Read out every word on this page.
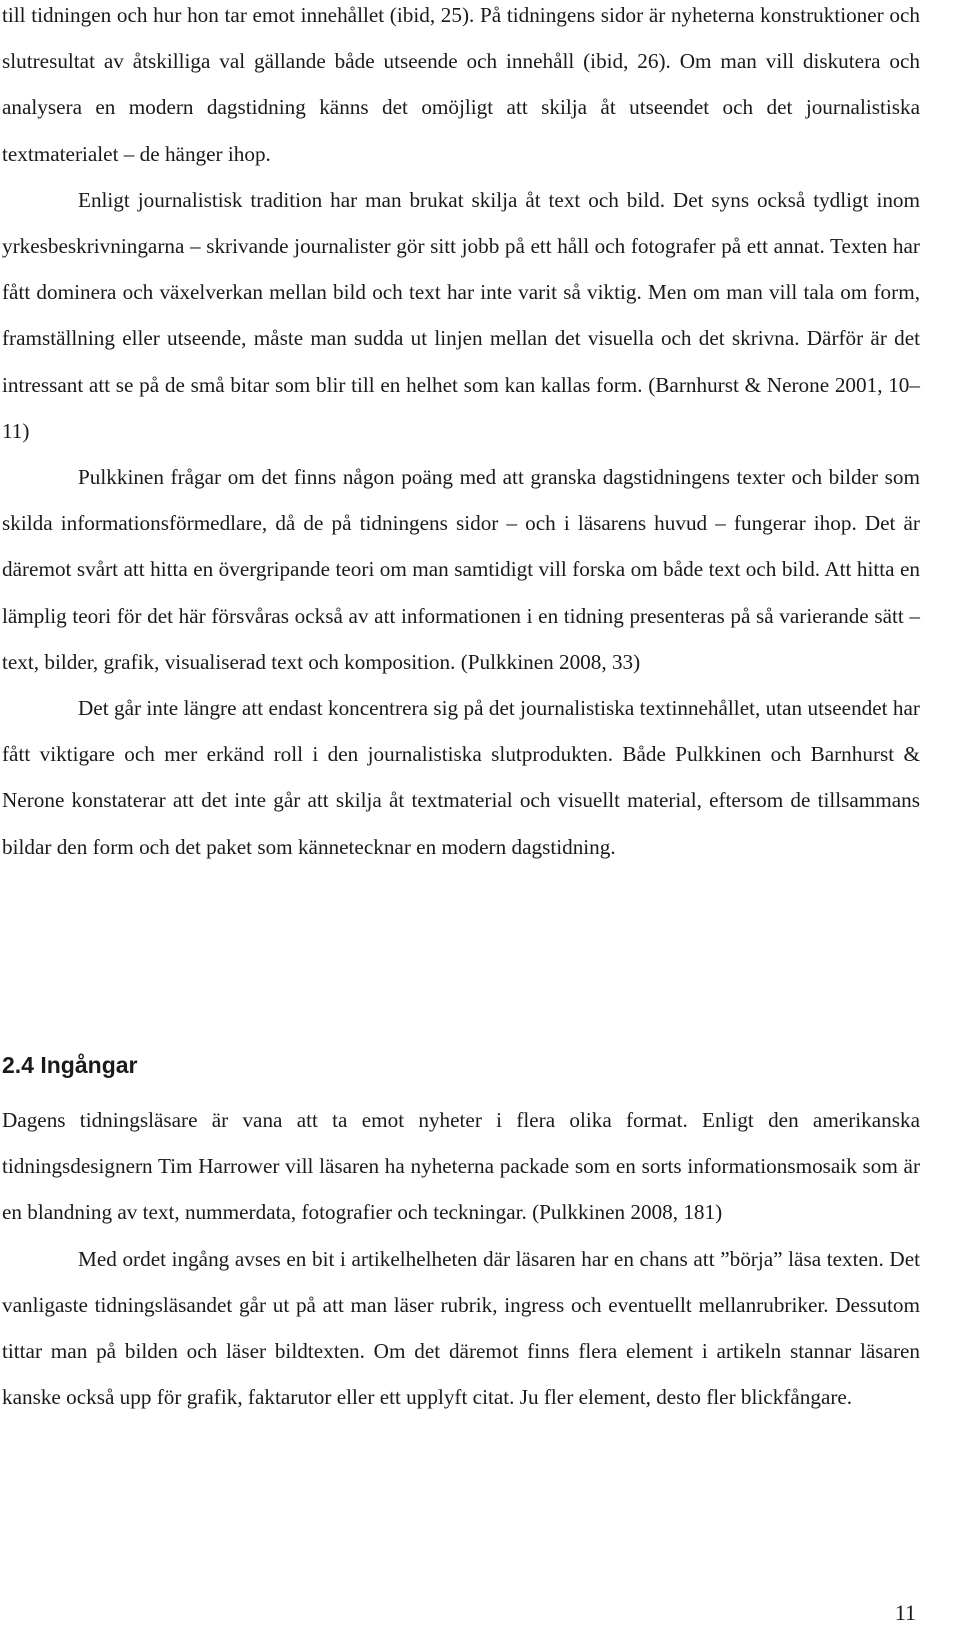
till tidningen och hur hon tar emot innehållet (ibid, 25). På tidningens sidor är nyheterna konstruktioner och slutresultat av åtskilliga val gällande både utseende och innehåll (ibid, 26). Om man vill diskutera och analysera en modern dagstidning känns det omöjligt att skilja åt utseendet och det journalistiska textmaterialet – de hänger ihop.

Enligt journalistisk tradition har man brukat skilja åt text och bild. Det syns också tydligt inom yrkesbeskrivningarna – skrivande journalister gör sitt jobb på ett håll och fotografer på ett annat. Texten har fått dominera och växelverkan mellan bild och text har inte varit så viktig. Men om man vill tala om form, framställning eller utseende, måste man sudda ut linjen mellan det visuella och det skrivna. Därför är det intressant att se på de små bitar som blir till en helhet som kan kallas form. (Barnhurst & Nerone 2001, 10–11)

Pulkkinen frågar om det finns någon poäng med att granska dagstidningens texter och bilder som skilda informationsförmedlare, då de på tidningens sidor – och i läsarens huvud – fungerar ihop. Det är däremot svårt att hitta en övergripande teori om man samtidigt vill forska om både text och bild. Att hitta en lämplig teori för det här försvåras också av att informationen i en tidning presenteras på så varierande sätt – text, bilder, grafik, visualiserad text och komposition. (Pulkkinen 2008, 33)

Det går inte längre att endast koncentrera sig på det journalistiska textinnehållet, utan utseendet har fått viktigare och mer erkänd roll i den journalistiska slutprodukten. Både Pulkkinen och Barnhurst & Nerone konstaterar att det inte går att skilja åt textmaterial och visuellt material, eftersom de tillsammans bildar den form och det paket som kännetecknar en modern dagstidning.

2.4 Ingångar

Dagens tidningsläsare är vana att ta emot nyheter i flera olika format. Enligt den amerikanska tidningsdesignern Tim Harrower vill läsaren ha nyheterna packade som en sorts informationsmosaik som är en blandning av text, nummerdata, fotografier och teckningar. (Pulkkinen 2008, 181)

Med ordet ingång avses en bit i artikelhelheten där läsaren har en chans att ”börja” läsa texten. Det vanligaste tidningsläsandet går ut på att man läser rubrik, ingress och eventuellt mellanrubriker. Dessutom tittar man på bilden och läser bildtexten. Om det däremot finns flera element i artikeln stannar läsaren kanske också upp för grafik, faktarutor eller ett upplyft citat. Ju fler element, desto fler blickfångare.

11
